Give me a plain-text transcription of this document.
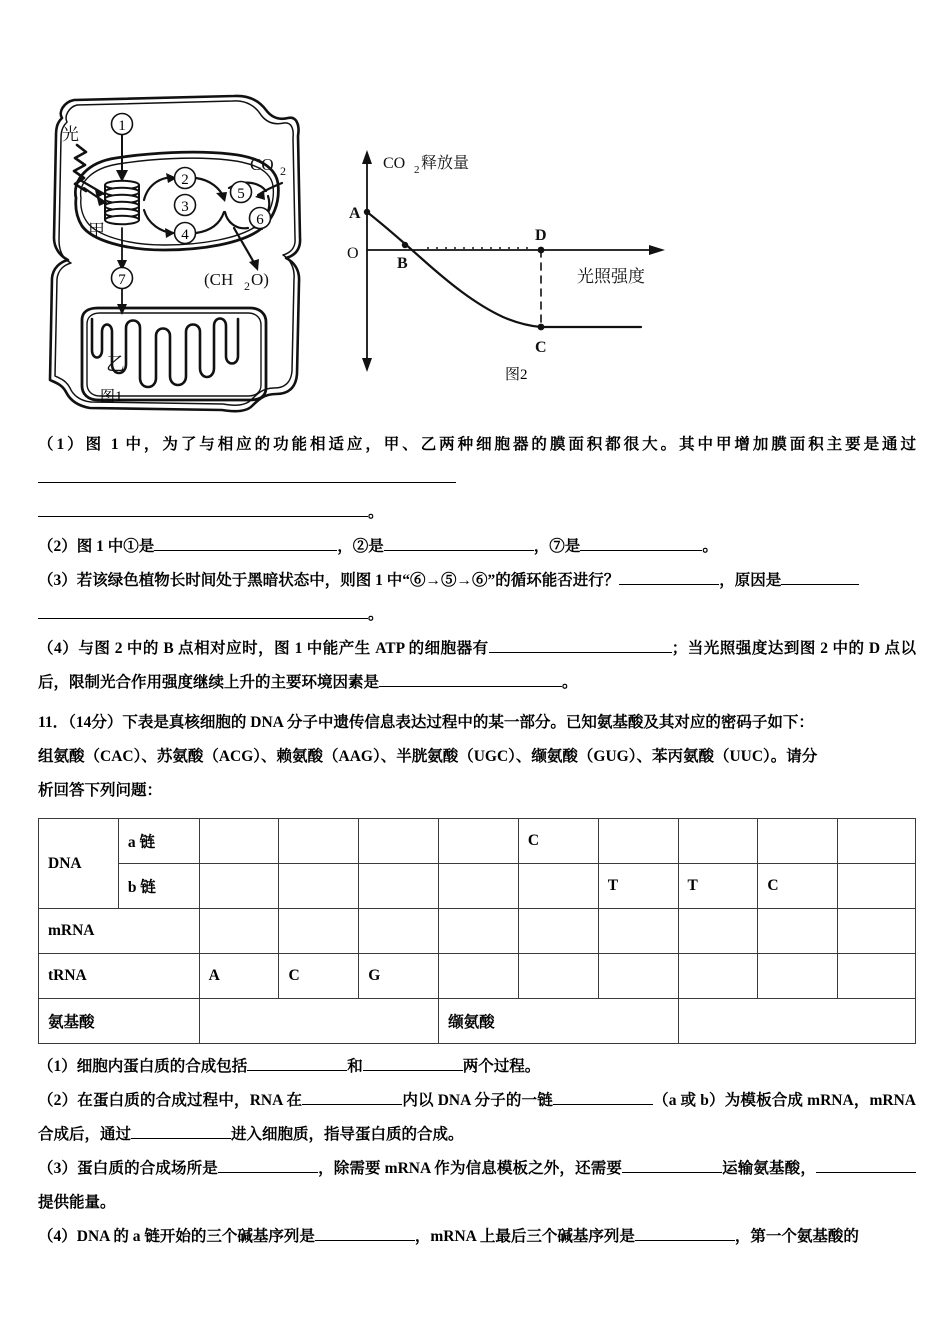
光
甲
乙
CO 2
(CH 2 O)
1
2
3
4
5
6
7
图1
A
B
C
D
O
CO 2 释放量
光照强度
图2

（1）图 1 中，为了与相应的功能相适应，甲、乙两种细胞器的膜面积都很大。其中甲增加膜面积主要是通过

。

（2）图 1 中①是	，②是	，⑦是	。

（3）若该绿色植物长时间处于黑暗状态中，则图 1 中“⑥→⑤→⑥”的循环能否进行？	，原因是

。

（4）与图 2 中的 B 点相对应时，图 1 中能产生 ATP 的细胞器有	；当光照强度达到图 2 中的 D 点以后，限制光合作用强度继续上升的主要环境因素是	。

11．（14分）下表是真核细胞的 DNA 分子中遗传信息表达过程中的某一部分。已知氨基酸及其对应的密码子如下：

组氨酸（CAC）、苏氨酸（ACG）、赖氨酸（AAG）、半胱氨酸（UGC）、缬氨酸（GUG）、苯丙氨酸（UUC）。请分

析回答下列问题：

DNA	a 链					C				
	b 链						T	T	C	
mRNA										
tRNA		A	C	G						
氨基酸					缬氨酸					

（1）细胞内蛋白质的合成包括	和	两个过程。

（2）在蛋白质的合成过程中，RNA 在	内以 DNA 分子的一链	（a 或 b）为模板合成 mRNA，mRNA 合成后，通过	进入细胞质，指导蛋白质的合成。

（3）蛋白质的合成场所是	，除需要 mRNA 作为信息模板之外，还需要	运输氨基酸，提供能量。

（4）DNA 的 a 链开始的三个碱基序列是	，mRNA 上最后三个碱基序列是	，第一个氨基酸的
